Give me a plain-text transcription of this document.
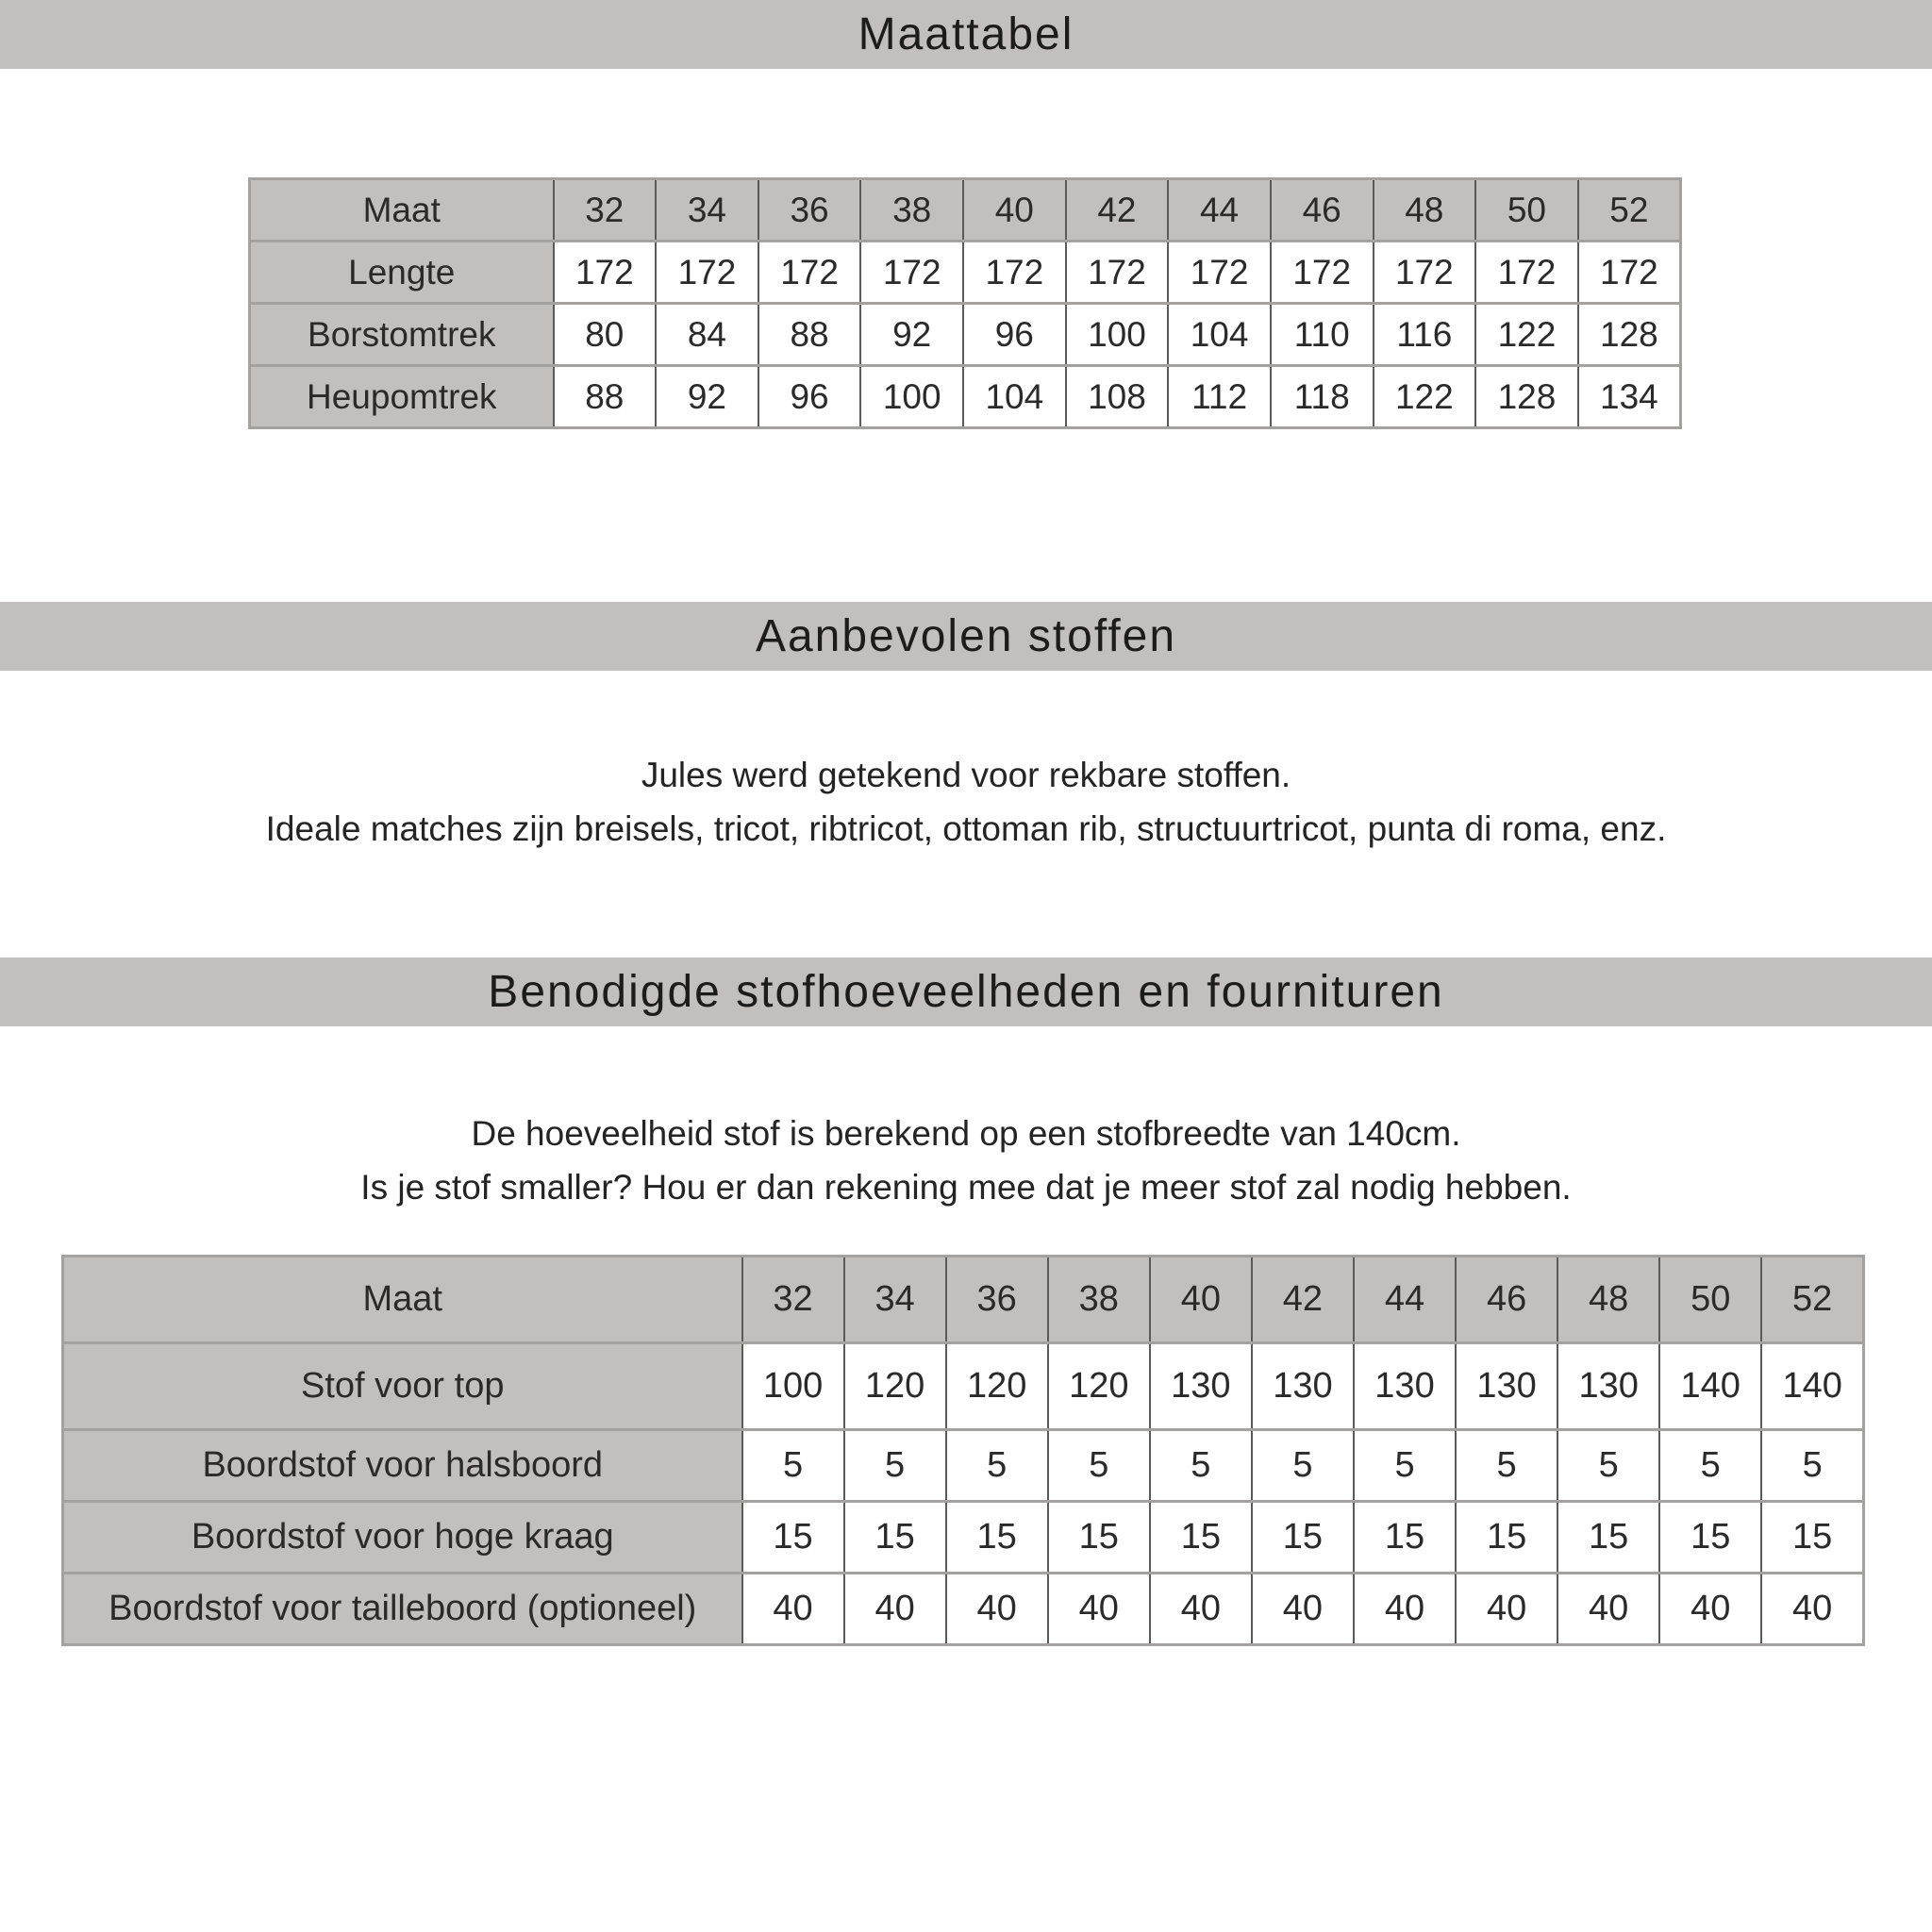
Maattabel
Maat	32	34	36	38	40	42	44	46	48	50	52
Lengte	172	172	172	172	172	172	172	172	172	172	172
Borstomtrek	80	84	88	92	96	100	104	110	116	122	128
Heupomtrek	88	92	96	100	104	108	112	118	122	128	134
Aanbevolen stoffen
Jules werd getekend voor rekbare stoffen.
Ideale matches zijn breisels, tricot, ribtricot, ottoman rib, structuurtricot, punta di roma, enz.
Benodigde stofhoeveelheden en fournituren
De hoeveelheid stof is berekend op een stofbreedte van 140cm.
Is je stof smaller? Hou er dan rekening mee dat je meer stof zal nodig hebben.
Maat	32	34	36	38	40	42	44	46	48	50	52
Stof voor top	100	120	120	120	130	130	130	130	130	140	140
Boordstof voor halsboord	5	5	5	5	5	5	5	5	5	5	5
Boordstof voor hoge kraag	15	15	15	15	15	15	15	15	15	15	15
Boordstof voor tailleboord (optioneel)	40	40	40	40	40	40	40	40	40	40	40
